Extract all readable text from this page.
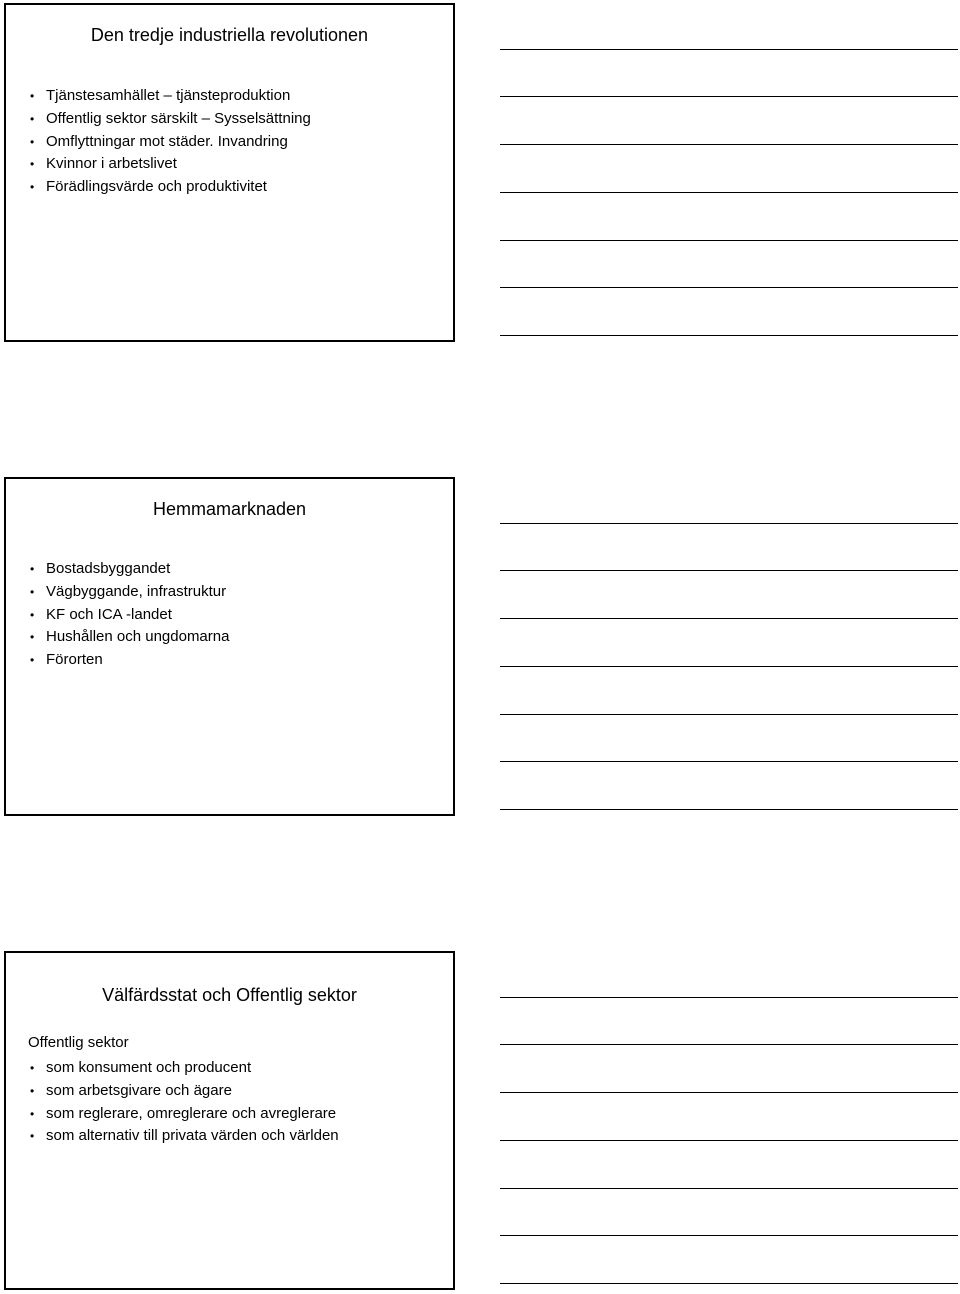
Den tredje industriella revolutionen
• Tjänstesamhället – tjänsteproduktion
• Offentlig sektor särskilt – Sysselsättning
• Omflyttningar mot städer. Invandring
• Kvinnor i arbetslivet
• Förädlingsvärde och produktivitet
Hemmamarknaden
• Bostadsbyggandet
• Vägbyggande, infrastruktur
• KF och ICA -landet
• Hushållen och ungdomarna
• Förorten
Välfärdsstat och Offentlig sektor

Offentlig sektor

• som konsument och producent
• som arbetsgivare och ägare
• som reglerare, omreglerare och avreglerare
• som alternativ till privata värden och världen
